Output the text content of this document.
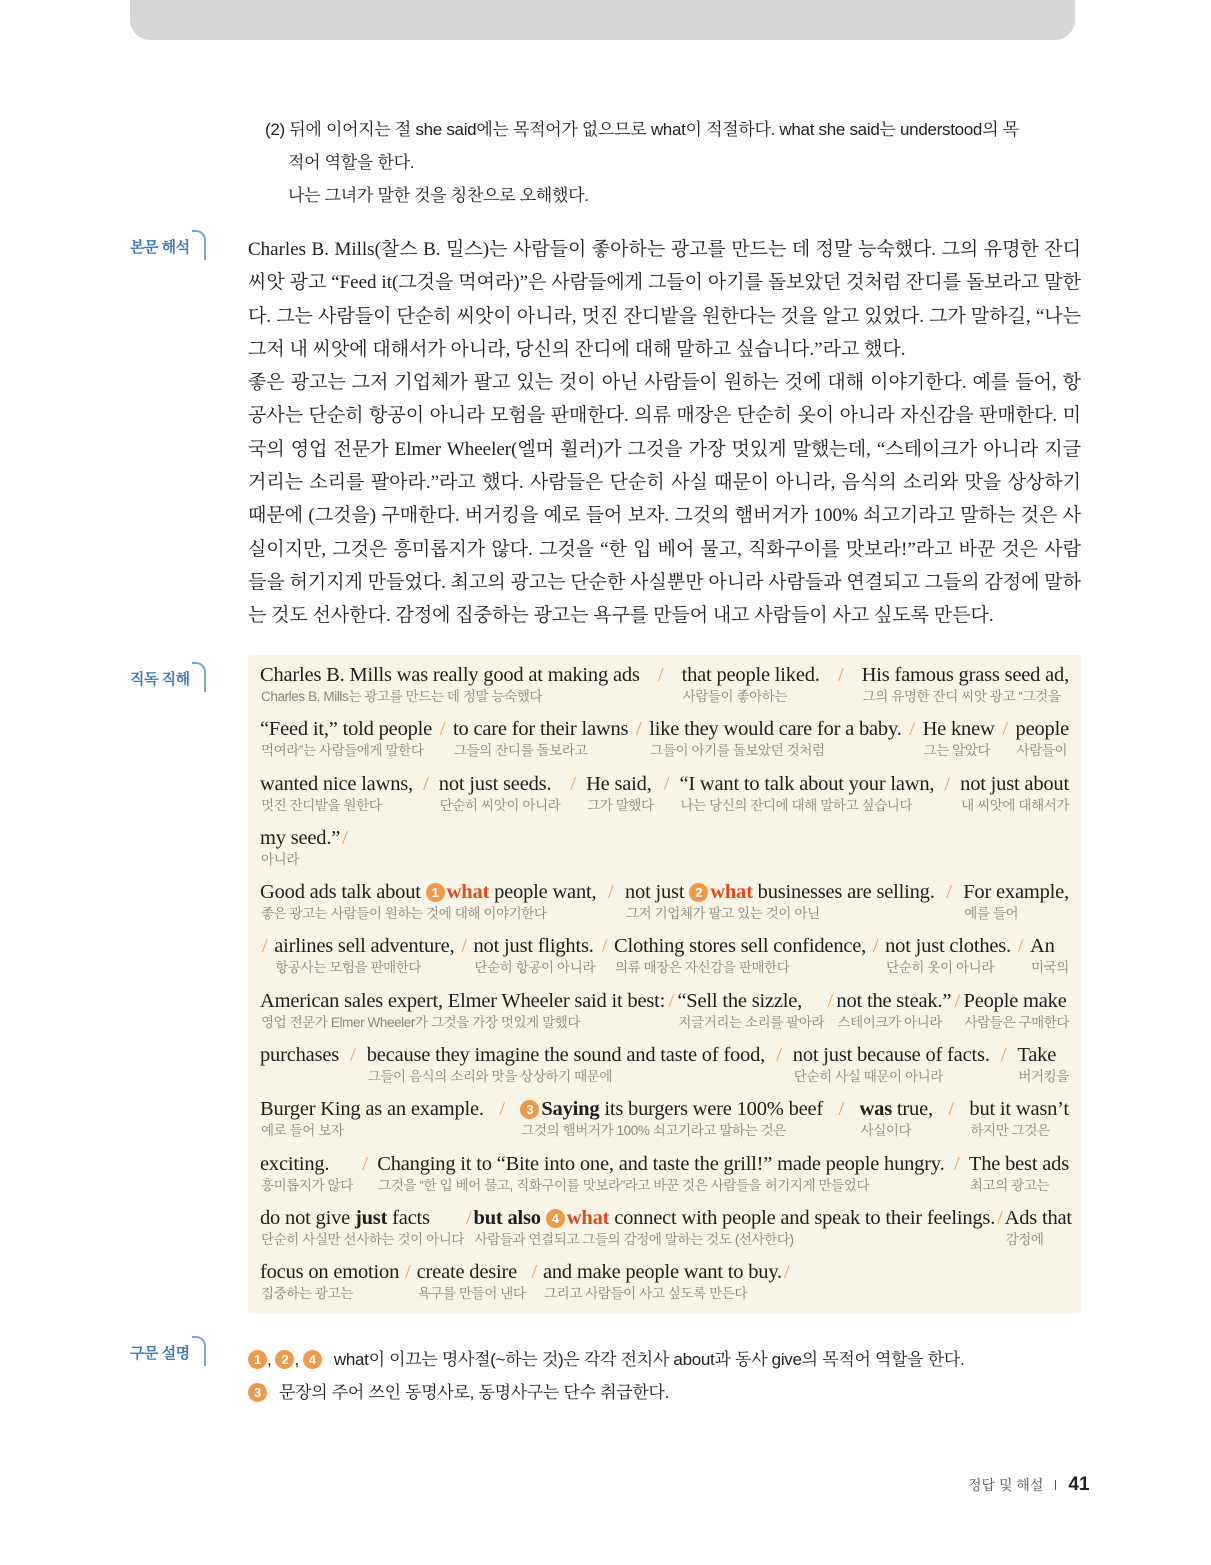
(2) 뒤에 이어지는 절 she said에는 목적어가 없으므로 what이 적절하다. what she said는 understood의 목
적어 역할을 한다.
나는 그녀가 말한 것을 칭찬으로 오해했다.
본문 해석
직독 직해
구문 설명

Charles B. Mills(찰스 B. 밀스)는 사람들이 좋아하는 광고를 만드는 데 정말 능숙했다. 그의 유명한 잔디 씨앗 광고 “Feed it(그것을 먹여라)”은 사람들에게 그들이 아기를 돌보았던 것처럼 잔디를 돌보라고 말한다. 그는 사람들이 단순히 씨앗이 아니라, 멋진 잔디밭을 원한다는 것을 알고 있었다. 그가 말하길, “나는 그저 내 씨앗에 대해서가 아니라, 당신의 잔디에 대해 말하고 싶습니다.”라고 했다.

좋은 광고는 그저 기업체가 팔고 있는 것이 아닌 사람들이 원하는 것에 대해 이야기한다. 예를 들어, 항공사는 단순히 항공이 아니라 모험을 판매한다. 의류 매장은 단순히 옷이 아니라 자신감을 판매한다. 미국의 영업 전문가 Elmer Wheeler(엘머 휠러)가 그것을 가장 멋있게 말했는데, “스테이크가 아니라 지글거리는 소리를 팔아라.”라고 했다. 사람들은 단순히 사실 때문이 아니라, 음식의 소리와 맛을 상상하기 때문에 (그것을) 구매한다. 버거킹을 예로 들어 보자. 그것의 햄버거가 100% 쇠고기라고 말하는 것은 사실이지만, 그것은 흥미롭지가 않다. 그것을 “한 입 베어 물고, 직화구이를 맛보라!”라고 바꾼 것은 사람들을 허기지게 만들었다. 최고의 광고는 단순한 사실뿐만 아니라 사람들과 연결되고 그들의 감정에 말하는 것도 선사한다. 감정에 집중하는 광고는 욕구를 만들어 내고 사람들이 사고 싶도록 만든다.

Charles B. Mills was really good at making ads
Charles B. Mills는 광고를 만드는 데 정말 능숙했다
/ that people liked.
사람들이 좋아하는
/ His famous grass seed ad,
그의 유명한 잔디 씨앗 광고 “그것을
“Feed it,” told people
먹여라”는 사람들에게 말한다
/ to care for their lawns
그들의 잔디를 돌보라고
/ like they would care for a baby.
그들이 아기를 돌보았던 것처럼
/ He knew
그는 알았다
/ people
사람들이
wanted nice lawns,
멋진 잔디밭을 원한다
/ not just seeds.
단순히 씨앗이 아니라
/ He said,
그가 말했다
/ “I want to talk about your lawn,
나는 당신의 잔디에 대해 말하고 싶습니다
/ not just about
내 씨앗에 대해서가
my seed.”/
아니라
Good ads talk about 1 what people want,
좋은 광고는 사람들이 원하는 것에 대해 이야기한다
/ not just 2 what businesses are selling.
그저 기업체가 팔고 있는 것이 아닌
/ For example,
예를 들어
/ airlines sell adventure,
항공사는 모험을 판매한다
/ not just flights.
단순히 항공이 아니라
/ Clothing stores sell confidence,
의류 매장은 자신감을 판매한다
/ not just clothes.
단순히 옷이 아니라
/ An
미국의
American sales expert, Elmer Wheeler said it best:
영업 전문가 Elmer Wheeler가 그것을 가장 멋있게 말했다
/ “Sell the sizzle,
지글거리는 소리를 팔아라
/ not the steak.”
스테이크가 아니라
/ People make
사람들은 구매한다
purchases / because they imagine the sound and taste of food,
그들이 음식의 소리와 맛을 상상하기 때문에
/ not just because of facts.
단순히 사실 때문이 아니라
/ Take
버거킹을
Burger King as an example.
예로 들어 보자
/	3 Saying its burgers were 100% beef
그것의 햄버거가 100% 쇠고기라고 말하는 것은
/ was true,
사실이다
/ but it wasn’t
하지만 그것은
exciting.
흥미롭지가 않다
/ Changing it to “Bite into one, and taste the grill!” made people hungry.
그것을 “한 입 베어 물고, 직화구이를 맛보라”라고 바꾼 것은 사람들을 허기지게 만들었다
/ The best ads
최고의 광고는
do not give just facts
단순히 사실만 선사하는 것이 아니다
/ but also 4 what connect with people and speak to their feelings.
사람들과 연결되고 그들의 감정에 말하는 것도 (선사한다)
/ Ads that
감정에
focus on emotion
집중하는 광고는
/ create desire
욕구를 만들어 낸다
/ and make people want to buy./
그리고 사람들이 사고 싶도록 만든다
1 , 2 , 4 what이 이끄는 명사절(~하는 것)은 각각 전치사 about과 동사 give의 목적어 역할을 한다.
3 문장의 주어 쓰인 동명사로, 동명사구는 단수 취급한다.
정답 및 해설 41
